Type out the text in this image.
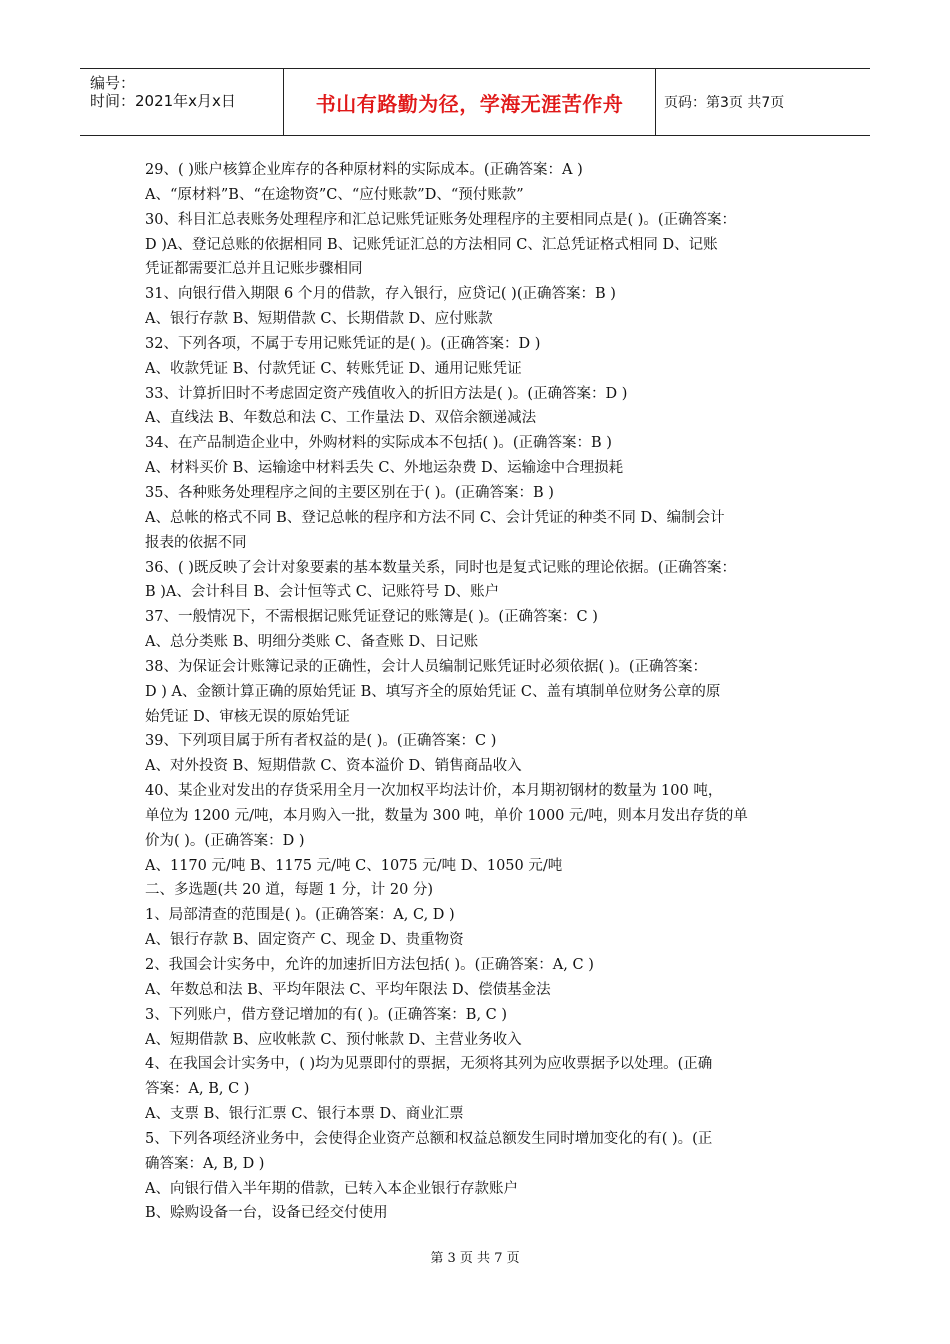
编号：
时间：2021年x月x日	书山有路勤为径，学海无涯苦作舟	页码：第3页 共7页
29、( )账户核算企业库存的各种原材料的实际成本。(正确答案：A )
A、“原材料”B、“在途物资”C、“应付账款”D、“预付账款”
30、科目汇总表账务处理程序和汇总记账凭证账务处理程序的主要相同点是( )。(正确答案：
D )A、登记总账的依据相同 B、记账凭证汇总的方法相同 C、汇总凭证格式相同 D、记账
凭证都需要汇总并且记账步骤相同
31、向银行借入期限 6 个月的借款，存入银行，应贷记( )(正确答案：B )
A、银行存款 B、短期借款 C、长期借款 D、应付账款
32、下列各项，不属于专用记账凭证的是( )。(正确答案：D )
A、收款凭证 B、付款凭证 C、转账凭证 D、通用记账凭证
33、计算折旧时不考虑固定资产残值收入的折旧方法是( )。(正确答案：D )
A、直线法 B、年数总和法 C、工作量法 D、双倍余额递减法
34、在产品制造企业中，外购材料的实际成本不包括( )。(正确答案：B )
A、材料买价 B、运输途中材料丢失 C、外地运杂费 D、运输途中合理损耗
35、各种账务处理程序之间的主要区别在于( )。(正确答案：B )
A、总帐的格式不同 B、登记总帐的程序和方法不同 C、会计凭证的种类不同 D、编制会计
报表的依据不同
36、( )既反映了会计对象要素的基本数量关系，同时也是复式记账的理论依据。(正确答案：
B )A、会计科目 B、会计恒等式 C、记账符号 D、账户
37、一般情况下，不需根据记账凭证登记的账簿是( )。(正确答案：C )
A、总分类账 B、明细分类账 C、备查账 D、日记账
38、为保证会计账簿记录的正确性，会计人员编制记账凭证时必须依据( )。(正确答案：
D ) A、金额计算正确的原始凭证 B、填写齐全的原始凭证 C、盖有填制单位财务公章的原
始凭证 D、审核无误的原始凭证
39、下列项目属于所有者权益的是( )。(正确答案：C )
A、对外投资 B、短期借款 C、资本溢价 D、销售商品收入
40、某企业对发出的存货采用全月一次加权平均法计价，本月期初钢材的数量为 100 吨，
单位为 1200 元/吨，本月购入一批，数量为 300 吨，单价 1000 元/吨，则本月发出存货的单
价为( )。(正确答案：D )
A、1170 元/吨 B、1175 元/吨 C、1075 元/吨 D、1050 元/吨
二、多选题(共 20 道，每题 1 分，计 20 分)
1、局部清查的范围是( )。(正确答案：A, C, D )
A、银行存款 B、固定资产 C、现金 D、贵重物资
2、我国会计实务中，允许的加速折旧方法包括( )。(正确答案：A, C )
A、年数总和法 B、平均年限法 C、平均年限法 D、偿债基金法
3、下列账户，借方登记增加的有( )。(正确答案：B, C )
A、短期借款 B、应收帐款 C、预付帐款 D、主营业务收入
4、在我国会计实务中，( )均为见票即付的票据，无须将其列为应收票据予以处理。(正确
答案：A, B, C )
A、支票 B、银行汇票 C、银行本票 D、商业汇票
5、下列各项经济业务中，会使得企业资产总额和权益总额发生同时增加变化的有( )。(正
确答案：A, B, D )
A、向银行借入半年期的借款，已转入本企业银行存款账户
B、赊购设备一台，设备已经交付使用
第 3 页 共 7 页
